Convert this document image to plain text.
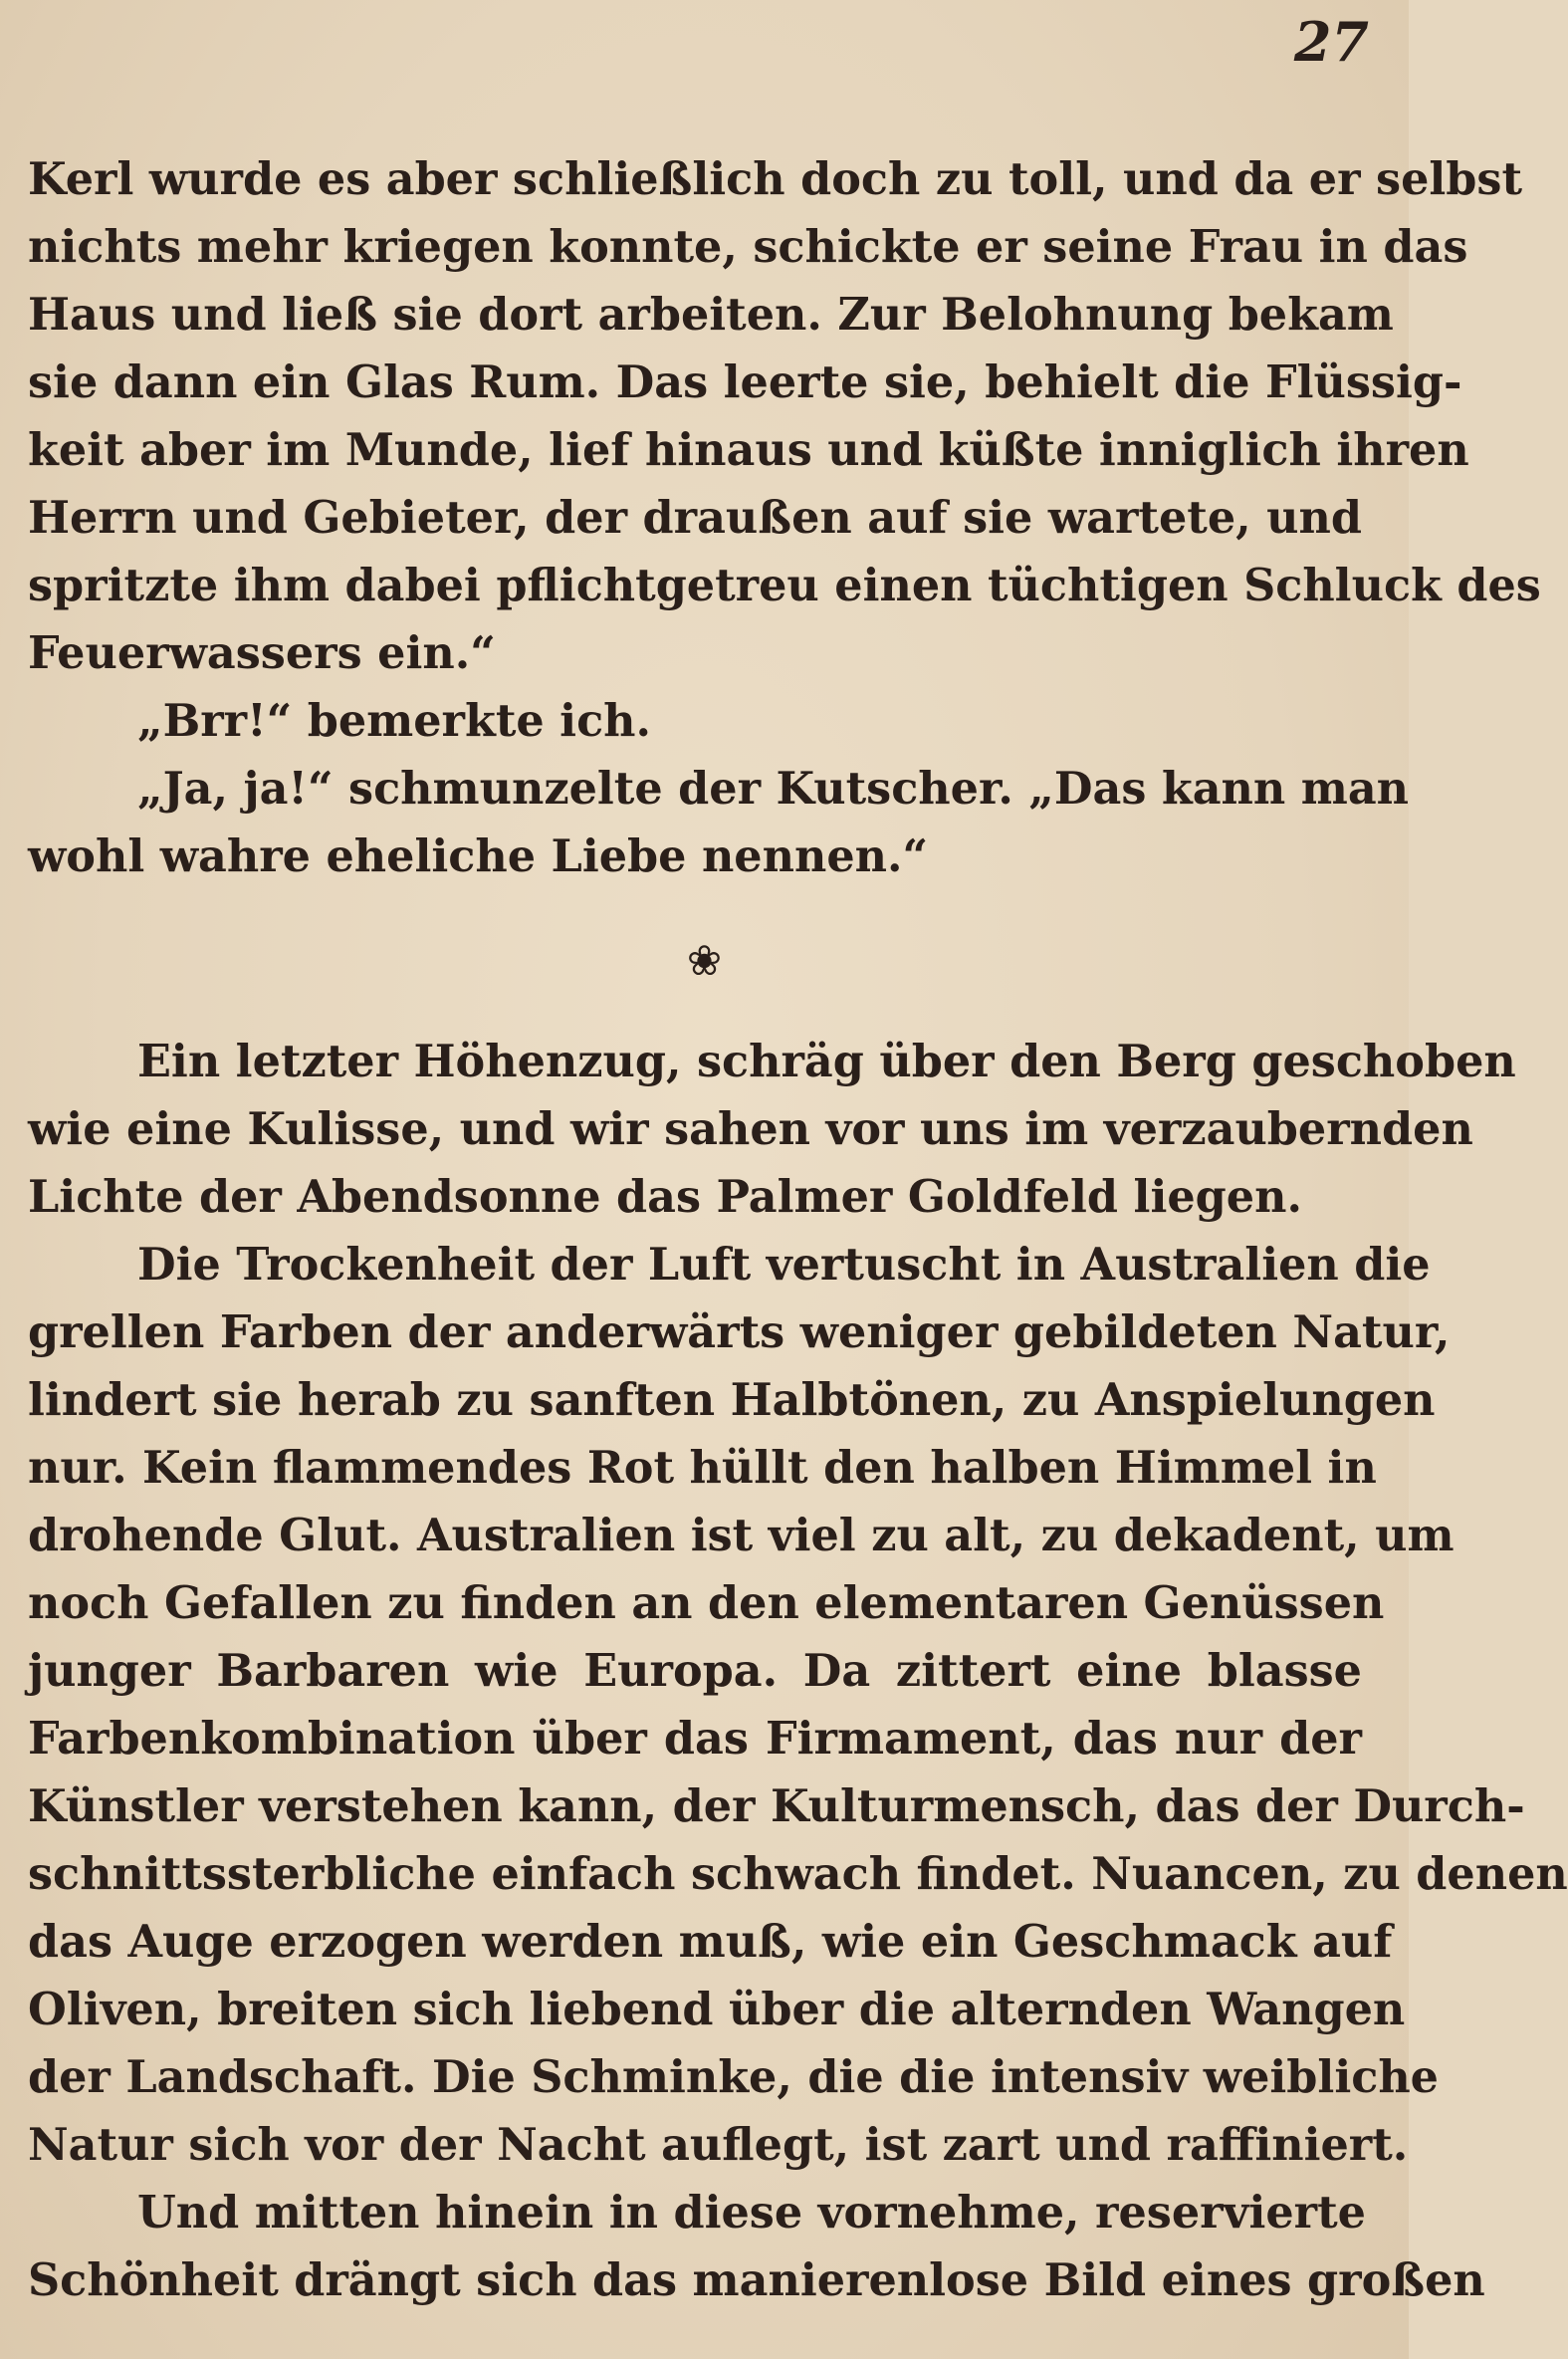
27

Kerl wurde es aber schließlich doch zu toll, und da er selbst
nichts mehr kriegen konnte, schickte er seine Frau in das
Haus und ließ sie dort arbeiten. Zur Belohnung bekam
sie dann ein Glas Rum. Das leerte sie, behielt die Flüssig-
keit aber im Munde, lief hinaus und küßte inniglich ihren
Herrn und Gebieter, der draußen auf sie wartete, und
spritzte ihm dabei pflichtgetreu einen tüchtigen Schluck des
Feuerwassers ein.“
„Brr!“ bemerkte ich.
„Ja, ja!“ schmunzelte der Kutscher. „Das kann man
wohl wahre eheliche Liebe nennen.“

❀

Ein letzter Höhenzug, schräg über den Berg geschoben
wie eine Kulisse, und wir sahen vor uns im verzaubernden
Lichte der Abendsonne das Palmer Goldfeld liegen.
Die Trockenheit der Luft vertuscht in Australien die
grellen Farben der anderwärts weniger gebildeten Natur,
lindert sie herab zu sanften Halbtönen, zu Anspielungen
nur. Kein flammendes Rot hüllt den halben Himmel in
drohende Glut. Australien ist viel zu alt, zu dekadent, um
noch Gefallen zu finden an den elementaren Genüssen
junger Barbaren wie Europa. Da zittert eine blasse
Farbenkombination über das Firmament, das nur der
Künstler verstehen kann, der Kulturmensch, das der Durch-
schnittssterbliche einfach schwach findet. Nuancen, zu denen
das Auge erzogen werden muß, wie ein Geschmack auf
Oliven, breiten sich liebend über die alternden Wangen
der Landschaft. Die Schminke, die die intensiv weibliche
Natur sich vor der Nacht auflegt, ist zart und raffiniert.
Und mitten hinein in diese vornehme, reservierte
Schönheit drängt sich das manierenlose Bild eines großen
